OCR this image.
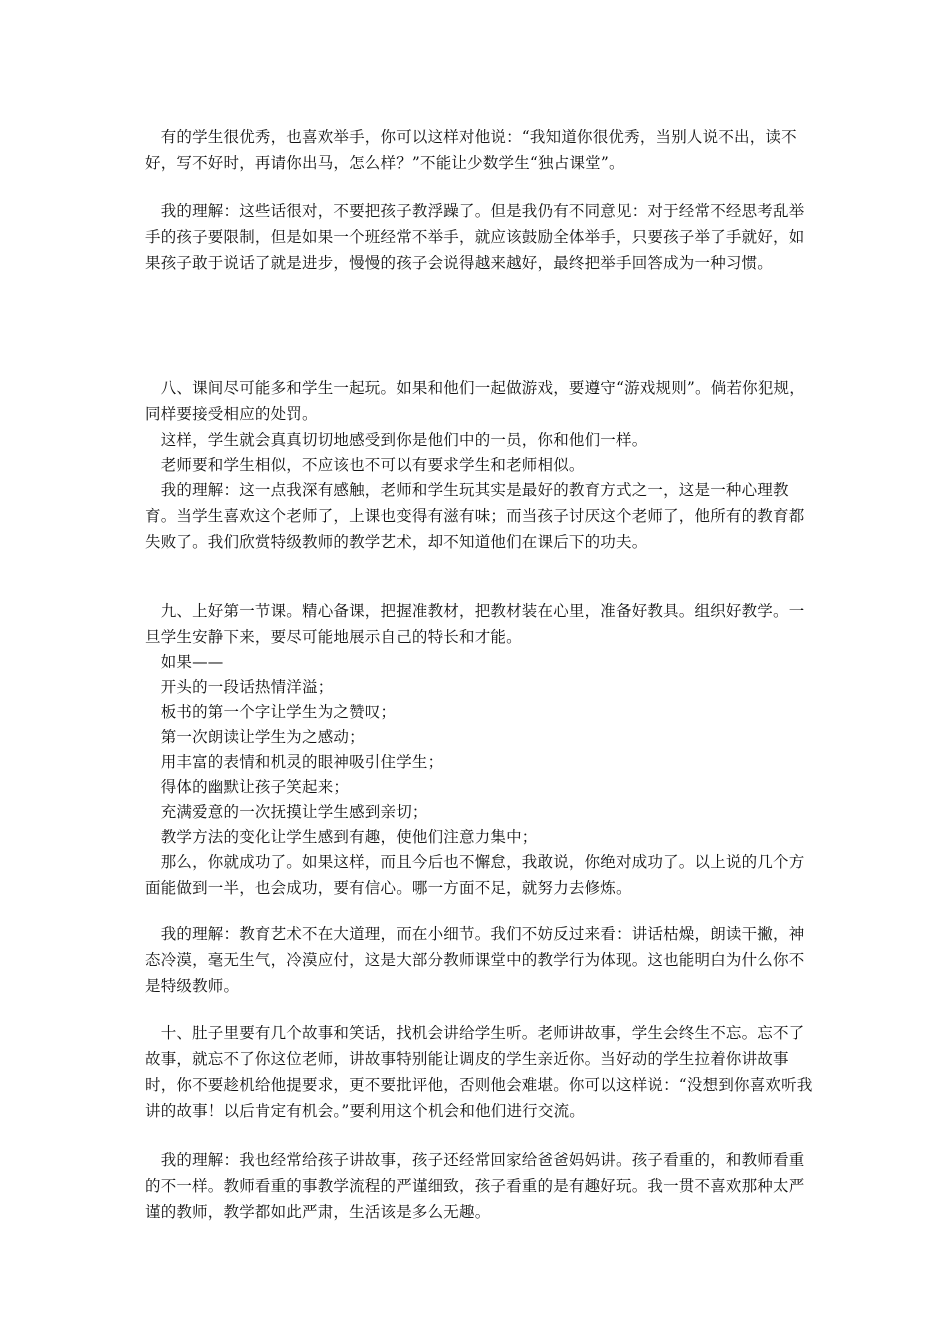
　有的学生很优秀，也喜欢举手，你可以这样对他说：“我知道你很优秀，当别人说不出，读不好，写不好时，再请你出马，怎么样？”不能让少数学生“独占课堂”。
　我的理解：这些话很对，不要把孩子教浮躁了。但是我仍有不同意见：对于经常不经思考乱举手的孩子要限制，但是如果一个班经常不举手，就应该鼓励全体举手，只要孩子举了手就好，如果孩子敢于说话了就是进步，慢慢的孩子会说得越来越好，最终把举手回答成为一种习惯。
　八、课间尽可能多和学生一起玩。如果和他们一起做游戏，要遵守“游戏规则”。倘若你犯规，同样要接受相应的处罚。
　这样，学生就会真真切切地感受到你是他们中的一员，你和他们一样。
　老师要和学生相似，不应该也不可以有要求学生和老师相似。
　我的理解：这一点我深有感触，老师和学生玩其实是最好的教育方式之一，这是一种心理教育。当学生喜欢这个老师了，上课也变得有滋有味；而当孩子讨厌这个老师了，他所有的教育都失败了。我们欣赏特级教师的教学艺术，却不知道他们在课后下的功夫。
　九、上好第一节课。精心备课，把握准教材，把教材装在心里，准备好教具。组织好教学。一旦学生安静下来，要尽可能地展示自己的特长和才能。
　如果——
　开头的一段话热情洋溢；
　板书的第一个字让学生为之赞叹；
　第一次朗读让学生为之感动；
　用丰富的表情和机灵的眼神吸引住学生；
　得体的幽默让孩子笑起来；
　充满爱意的一次抚摸让学生感到亲切；
　教学方法的变化让学生感到有趣，使他们注意力集中；
　那么，你就成功了。如果这样，而且今后也不懈怠，我敢说，你绝对成功了。以上说的几个方面能做到一半，也会成功，要有信心。哪一方面不足，就努力去修炼。
　我的理解：教育艺术不在大道理，而在小细节。我们不妨反过来看：讲话枯燥，朗读干撇，神态冷漠，毫无生气，冷漠应付，这是大部分教师课堂中的教学行为体现。这也能明白为什么你不是特级教师。
　十、肚子里要有几个故事和笑话，找机会讲给学生听。老师讲故事，学生会终生不忘。忘不了故事，就忘不了你这位老师，讲故事特别能让调皮的学生亲近你。当好动的学生拉着你讲故事时，你不要趁机给他提要求，更不要批评他，否则他会难堪。你可以这样说：“没想到你喜欢听我讲的故事！以后肯定有机会。”要利用这个机会和他们进行交流。
　我的理解：我也经常给孩子讲故事，孩子还经常回家给爸爸妈妈讲。孩子看重的，和教师看重的不一样。教师看重的事教学流程的严谨细致，孩子看重的是有趣好玩。我一贯不喜欢那种太严谨的教师，教学都如此严肃，生活该是多么无趣。
